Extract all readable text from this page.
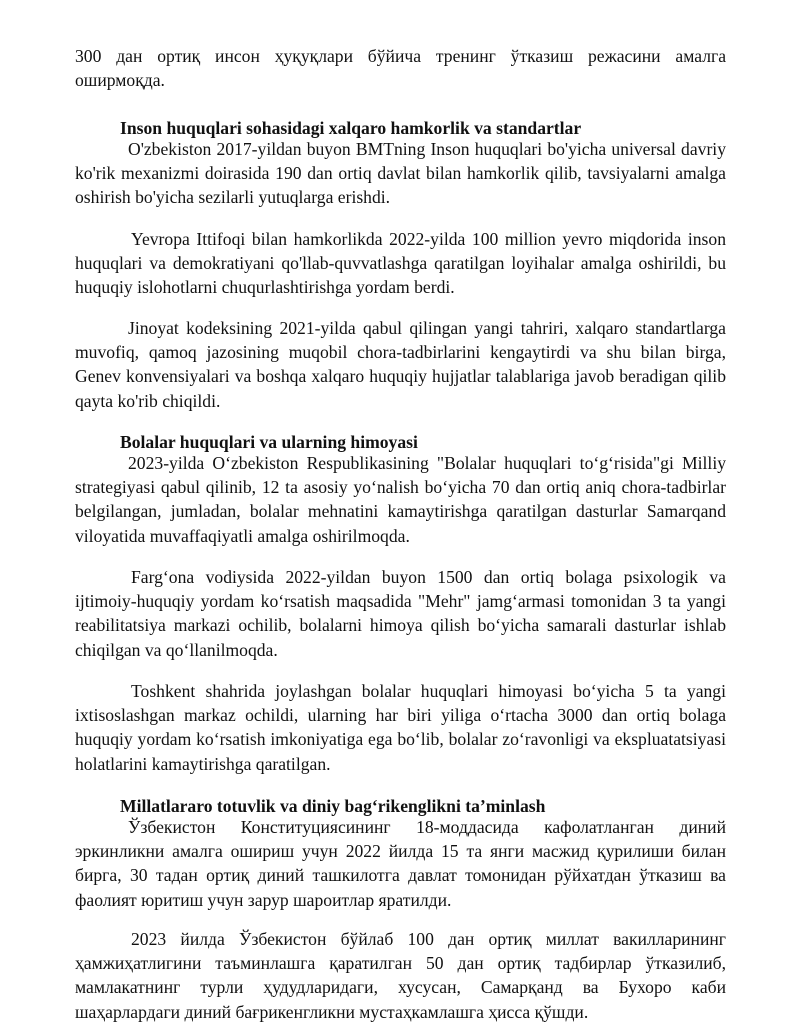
300 дан ортиқ инсон ҳуқуқлари бўйича тренинг ўтказиш режасини амалга оширмоқда.

Inson huquqlari sohasidagi xalqaro hamkorlik va standartlar

O'zbekiston 2017-yildan buyon BMTning Inson huquqlari bo'yicha universal davriy ko'rik mexanizmi doirasida 190 dan ortiq davlat bilan hamkorlik qilib, tavsiyalarni amalga oshirish bo'yicha sezilarli yutuqlarga erishdi.

Yevropa Ittifoqi bilan hamkorlikda 2022-yilda 100 million yevro miqdorida inson huquqlari va demokratiyani qo'llab-quvvatlashga qaratilgan loyihalar amalga oshirildi, bu huquqiy islohotlarni chuqurlashtirishga yordam berdi.

Jinoyat kodeksining 2021-yilda qabul qilingan yangi tahriri, xalqaro standartlarga muvofiq, qamoq jazosining muqobil chora-tadbirlarini kengaytirdi va shu bilan birga, Genev konvensiyalari va boshqa xalqaro huquqiy hujjatlar talablariga javob beradigan qilib qayta ko'rib chiqildi.

Bolalar huquqlari va ularning himoyasi

2023-yilda Oʻzbekiston Respublikasining "Bolalar huquqlari toʻgʻrisida"gi Milliy strategiyasi qabul qilinib, 12 ta asosiy yoʻnalish boʻyicha 70 dan ortiq aniq chora-tadbirlar belgilangan, jumladan, bolalar mehnatini kamaytirishga qaratilgan dasturlar Samarqand viloyatida muvaffaqiyatli amalga oshirilmoqda.

Fargʻona vodiysida 2022-yildan buyon 1500 dan ortiq bolaga psixologik va ijtimoiy-huquqiy yordam koʻrsatish maqsadida "Mehr" jamgʻarmasi tomonidan 3 ta yangi reabilitatsiya markazi ochilib, bolalarni himoya qilish boʻyicha samarali dasturlar ishlab chiqilgan va qoʻllanilmoqda.

Toshkent shahrida joylashgan bolalar huquqlari himoyasi boʻyicha 5 ta yangi ixtisoslashgan markaz ochildi, ularning har biri yiliga oʻrtacha 3000 dan ortiq bolaga huquqiy yordam koʻrsatish imkoniyatiga ega boʻlib, bolalar zoʻravonligi va ekspluatatsiyasi holatlarini kamaytirishga qaratilgan.

Millatlararo totuvlik va diniy bagʻrikenglikni taʼminlash

Ўзбекистон Конституциясининг 18-моддасида кафолатланган диний эркинликни амалга ошириш учун 2022 йилда 15 та янги масжид қурилиши билан бирга, 30 тадан ортиқ диний ташкилотга давлат томонидан рўйхатдан ўтказиш ва фаолият юритиш учун зарур шароитлар яратилди.

2023 йилда Ўзбекистон бўйлаб 100 дан ортиқ миллат вакилларининг ҳамжиҳатлигини таъминлашга қаратилган 50 дан ортиқ тадбирлар ўтказилиб, мамлакатнинг турли ҳудудларидаги, хусусан, Самарқанд ва Бухоро каби шаҳарлардаги диний бағрикенгликни мустаҳкамлашга ҳисса қўшди.
